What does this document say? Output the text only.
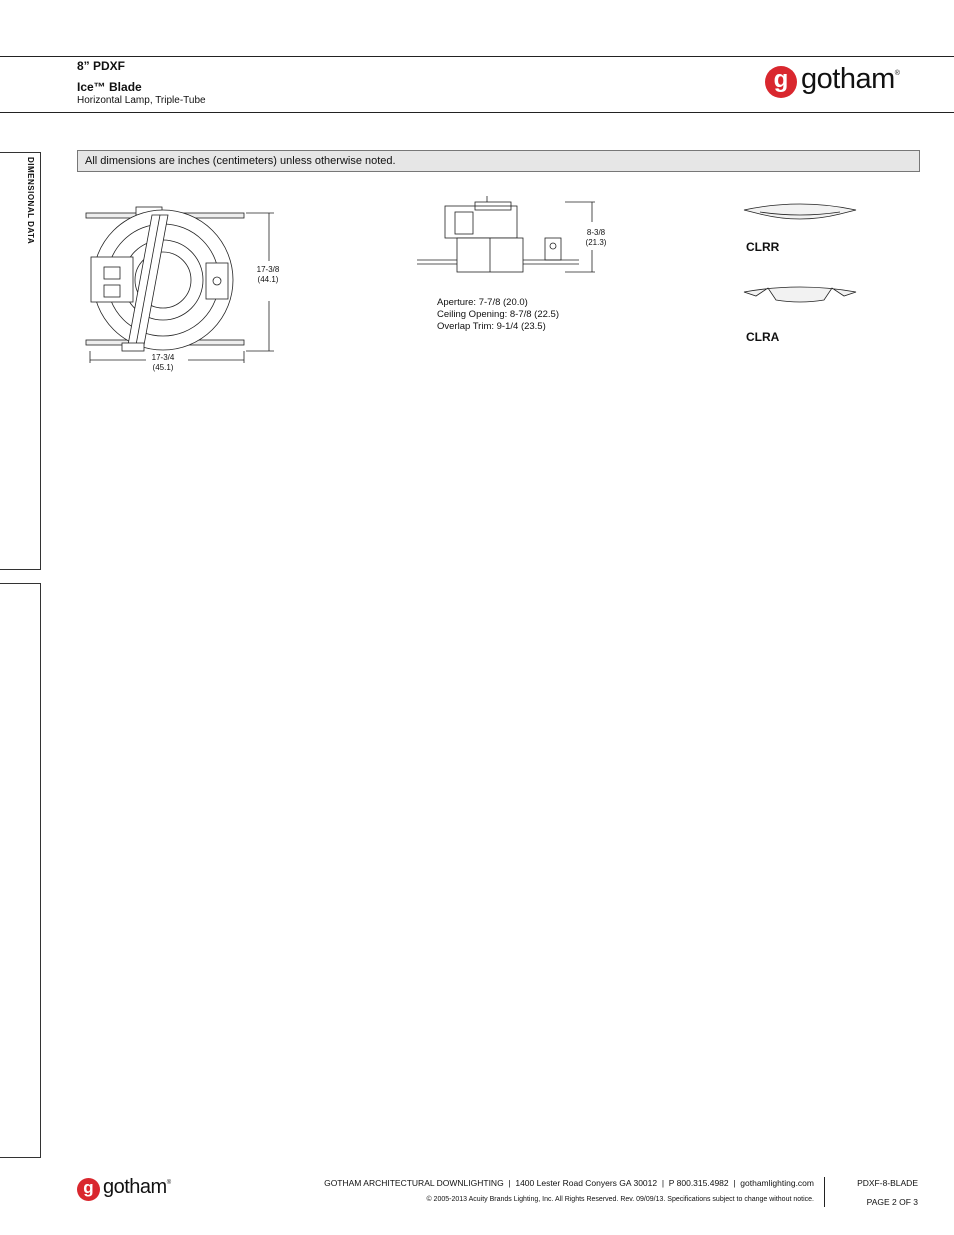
8” PDXF
Ice™ Blade
Horizontal Lamp, Triple-Tube
g gotham ®
DIMENSIONAL DATA	All dimensions are inches (centimeters) unless otherwise noted.
17-3/8
(44.1)
17-3/4
(45.1)
8-3/8
(21.3)
Aperture: 7-7/8 (20.0)
Ceiling Opening: 8-7/8 (22.5)
Overlap Trim: 9-1/4 (23.5)
CLRR
CLRA
g gotham ®	GOTHAM ARCHITECTURAL DOWNLIGHTING  |  1400 Lester Road Conyers GA 30012  |  P 800.315.4982  |  gothamlighting.com
© 2005-2013 Acuity Brands Lighting, Inc. All Rights Reserved. Rev. 09/09/13. Specifications subject to change without notice.
PDXF-8-BLADE
PAGE 2 OF 3
